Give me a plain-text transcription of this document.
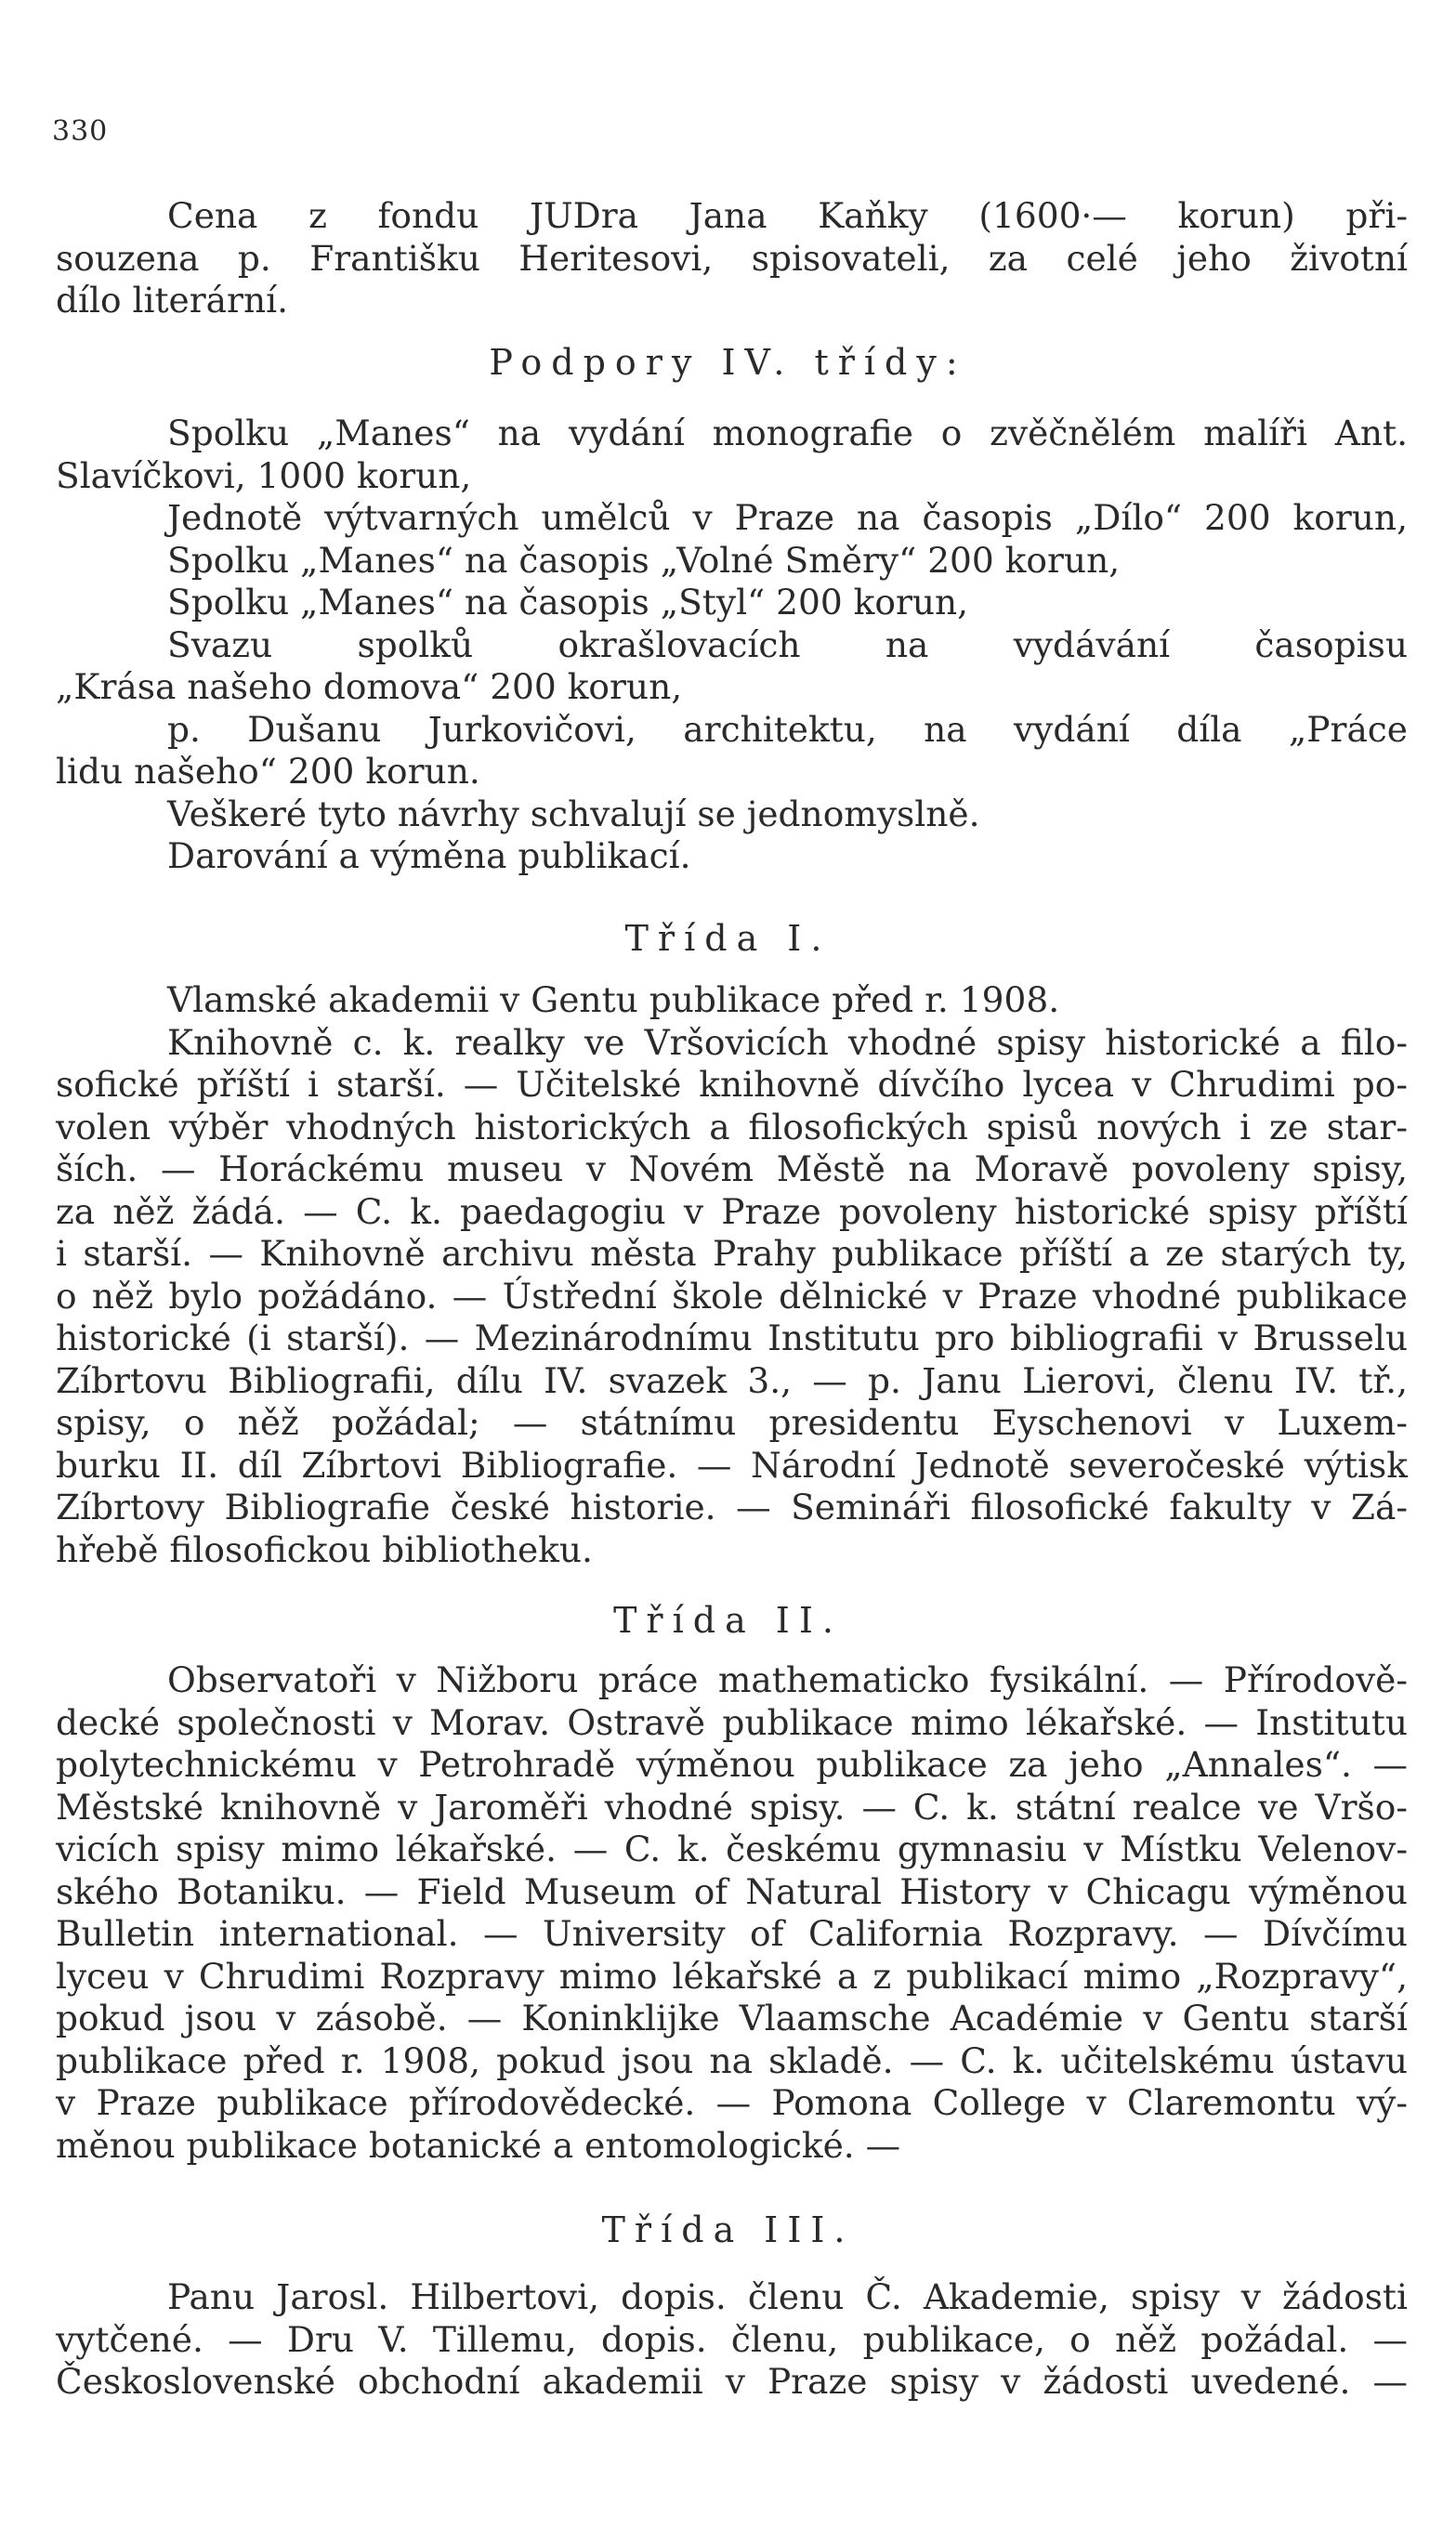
330
Cena z fondu JUDra Jana Kaňky (1600·— korun) při-
souzena p. Františku Heritesovi, spisovateli, za celé jeho životní
dílo literární.
Podpory IV. třídy:
Spolku „Manes“ na vydání monografie o zvěčnělém malíři Ant.
Slavíčkovi, 1000 korun,
Jednotě výtvarných umělců v Praze na časopis „Dílo“ 200 korun,
Spolku „Manes“ na časopis „Volné Směry“ 200 korun,
Spolku „Manes“ na časopis „Styl“ 200 korun,
Svazu spolků okrašlovacích na vydávání časopisu
„Krása našeho domova“ 200 korun,
p. Dušanu Jurkovičovi, architektu, na vydání díla „Práce
lidu našeho“ 200 korun.
Veškeré tyto návrhy schvalují se jednomyslně.
Darování a výměna publikací.
Třída I.
Vlamské akademii v Gentu publikace před r. 1908.
Knihovně c. k. realky ve Vršovicích vhodné spisy historické a filo-
sofické příští i starší. — Učitelské knihovně dívčího lycea v Chrudimi po-
volen výběr vhodných historických a filosofických spisů nových i ze star-
ších. — Horáckému museu v Novém Městě na Moravě povoleny spisy,
za něž žádá. — C. k. paedagogiu v Praze povoleny historické spisy příští
i starší. — Knihovně archivu města Prahy publikace příští a ze starých ty,
o něž bylo požádáno. — Ústřední škole dělnické v Praze vhodné publikace
historické (i starší). — Mezinárodnímu Institutu pro bibliografii v Brusselu
Zíbrtovu Bibliografii, dílu IV. svazek 3., — p. Janu Lierovi, členu IV. tř.,
spisy, o něž požádal; — státnímu presidentu Eyschenovi v Luxem-
burku II. díl Zíbrtovi Bibliografie. — Národní Jednotě severočeské výtisk
Zíbrtovy Bibliografie české historie. — Semináři filosofické fakulty v Zá-
hřebě filosofickou bibliotheku.
Třída II.
Observatoři v Nižboru práce mathematicko fysikální. — Přírodově-
decké společnosti v Morav. Ostravě publikace mimo lékařské. — Institutu
polytechnickému v Petrohradě výměnou publikace za jeho „Annales“. —
Městské knihovně v Jaroměři vhodné spisy. — C. k. státní realce ve Vršo-
vicích spisy mimo lékařské. — C. k. českému gymnasiu v Místku Velenov-
ského Botaniku. — Field Museum of Natural History v Chicagu výměnou
Bulletin international. — University of California Rozpravy. — Dívčímu
lyceu v Chrudimi Rozpravy mimo lékařské a z publikací mimo „Rozpravy“,
pokud jsou v zásobě. — Koninklijke Vlaamsche Académie v Gentu starší
publikace před r. 1908, pokud jsou na skladě. — C. k. učitelskému ústavu
v Praze publikace přírodovědecké. — Pomona College v Claremontu vý-
měnou publikace botanické a entomologické. —
Třída III.
Panu Jarosl. Hilbertovi, dopis. členu Č. Akademie, spisy v žádosti
vytčené. — Dru V. Tillemu, dopis. členu, publikace, o něž požádal. —
Československé obchodní akademii v Praze spisy v žádosti uvedené. —
